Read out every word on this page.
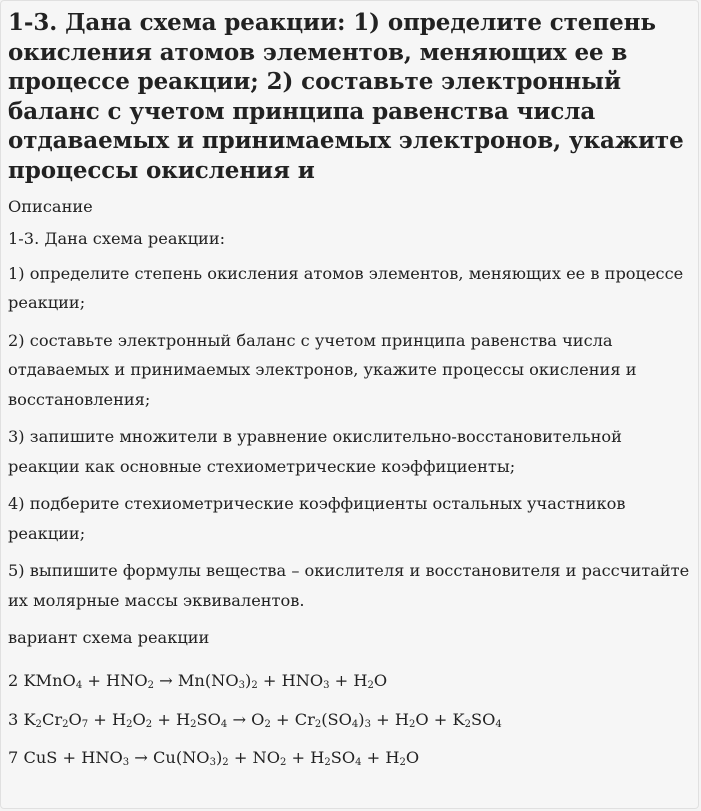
1-3. Дана схема реакции: 1) определите степень окисления атомов элементов, меняющих ее в процессе реакции; 2) составьте электронный баланс с учетом принципа равенства числа отдаваемых и принимаемых электронов, укажите процессы окисления и
Описание

1-3. Дана схема реакции:

1) определите степень окисления атомов элементов, меняющих ее в процессе реакции;

2) составьте электронный баланс с учетом принципа равенства числа отдаваемых и принимаемых электронов, укажите процессы окисления и восстановления;

3) запишите множители в уравнение окислительно-восстановительной реакции как основные стехиометрические коэффициенты;

4) подберите стехиометрические коэффициенты остальных участников реакции;

5) выпишите формулы вещества – окислителя и восстановителя и рассчитайте их молярные массы эквивалентов.

вариант схема реакции

2 KMnO$_4$ + $HNO_2 \to Mn(NO_3)_2 + HNO_3 + H_2O$
3 $K_2Cr_2O_7 + H_2O_2 + H_2SO_4 \to O_2 + Cr_2(SO_4)_3 + H_2O + K_2SO_4$
7 CuS + $HNO_3 \to Cu(NO_3)_2 + NO_2 + H_2SO_4 + H_2O$
